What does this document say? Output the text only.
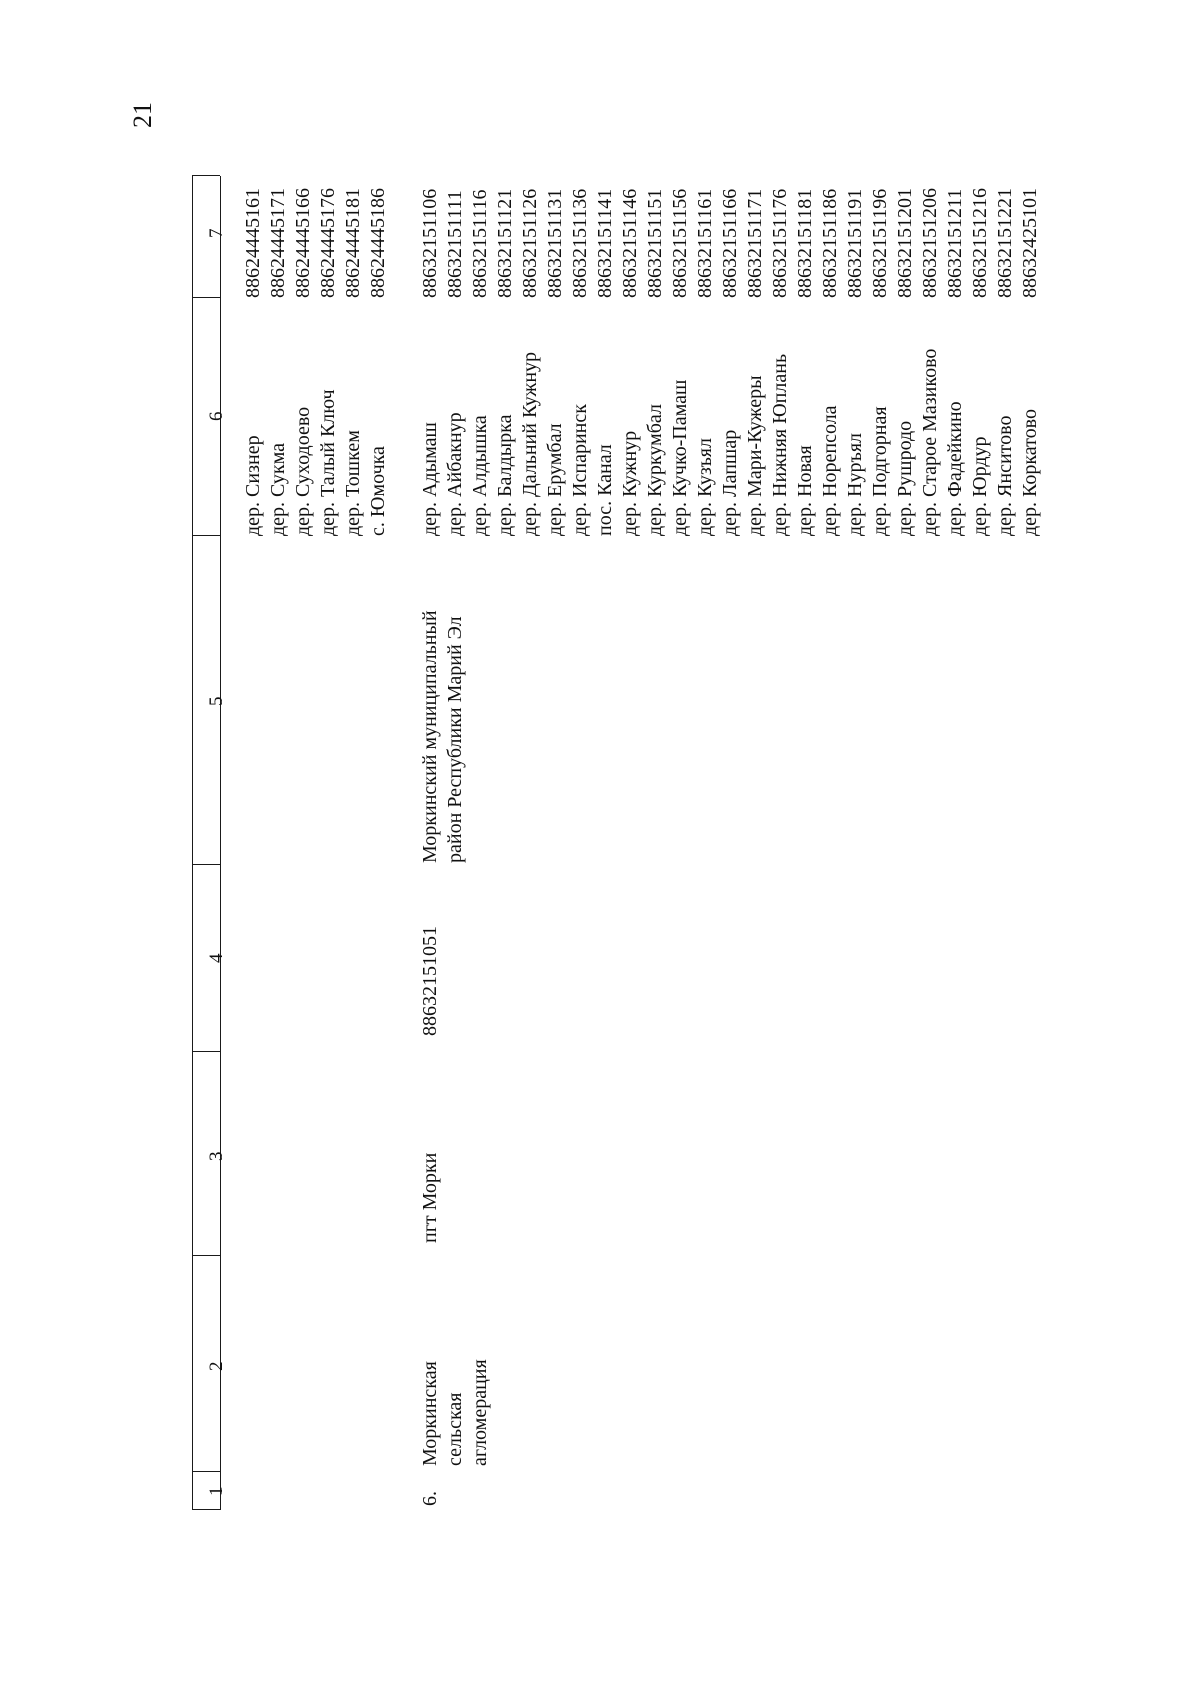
21
1
2
3
4
5
6
7
дер. Сизнер дер. Сукма дер. Суходоево дер. Талый Ключ дер. Тошкем с. Юмочка
88624445161 88624445171 88624445166 88624445176 88624445181 88624445186
6.
Моркинская сельская агломерация
пгт Морки
88632151051
Моркинский муниципальный район Республики Марий Эл
дер. Адымаш дер. Айбакнур дер. Алдышка дер. Балдырка дер. Дальний Кужнур дер. Ерумбал дер. Испаринск пос. Канал дер. Кужнур дер. Куркумбал дер. Кучко-Памаш дер. Кузъял дер. Лапшар дер. Мари-Кужеры дер. Нижняя Юплань дер. Новая дер. Норепсола дер. Нуръял дер. Подгорная дер. Рушродо дер. Старое Мазиково дер. Фадейкино дер. Юрдур дер. Янситово дер. Коркатово
88632151106 88632151111 88632151116 88632151121 88632151126 88632151131 88632151136 88632151141 88632151146 88632151151 88632151156 88632151161 88632151166 88632151171 88632151176 88632151181 88632151186 88632151191 88632151196 88632151201 88632151206 88632151211 88632151216 88632151221 88632425101
